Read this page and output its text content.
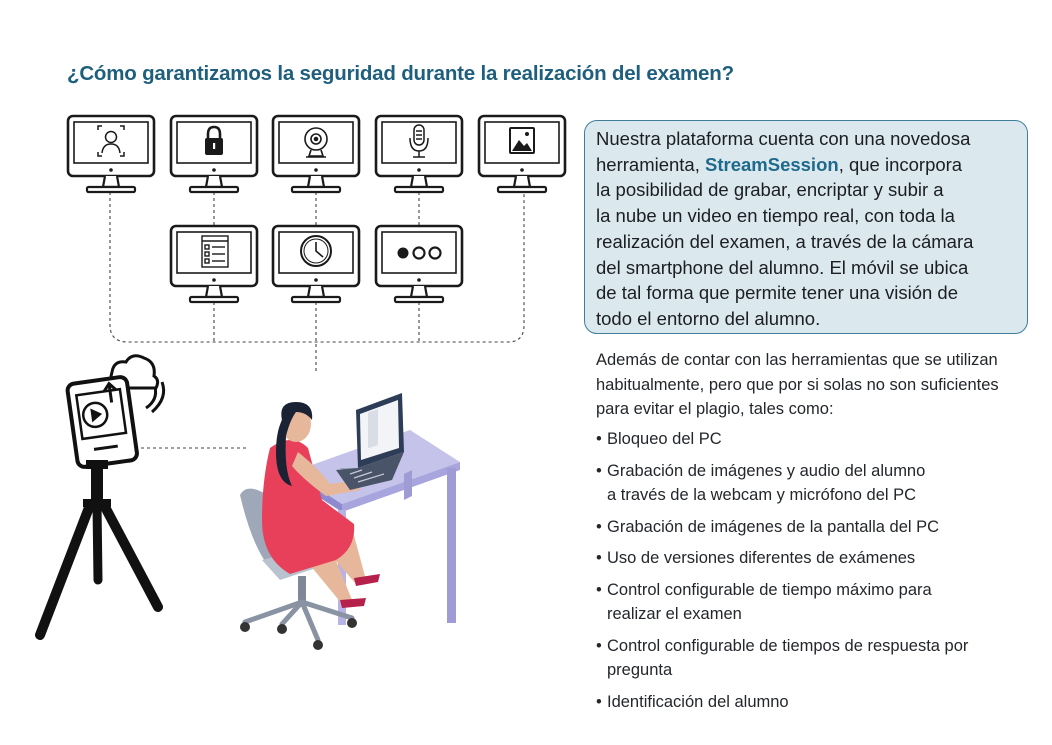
¿Cómo garantizamos la seguridad durante la realización del examen?
Nuestra plataforma cuenta con una novedosa
herramienta, StreamSession, que incorpora
la posibilidad de grabar, encriptar y subir a
la nube un video en tiempo real, con toda la
realización del examen, a través de la cámara
del smartphone del alumno. El móvil se ubica
de tal forma que permite tener una visión de
todo el entorno del alumno.
Además de contar con las herramientas que se utilizan
habitualmente, pero que por si solas no son suficientes
para evitar el plagio, tales como:
• Bloqueo del PC
• Grabación de imágenes y audio del alumno
a través de la webcam y micrófono del PC
• Grabación de imágenes de la pantalla del PC
• Uso de versiones diferentes de exámenes
• Control configurable de tiempo máximo para
realizar el examen
• Control configurable de tiempos de respuesta por
pregunta
• Identificación del alumno
